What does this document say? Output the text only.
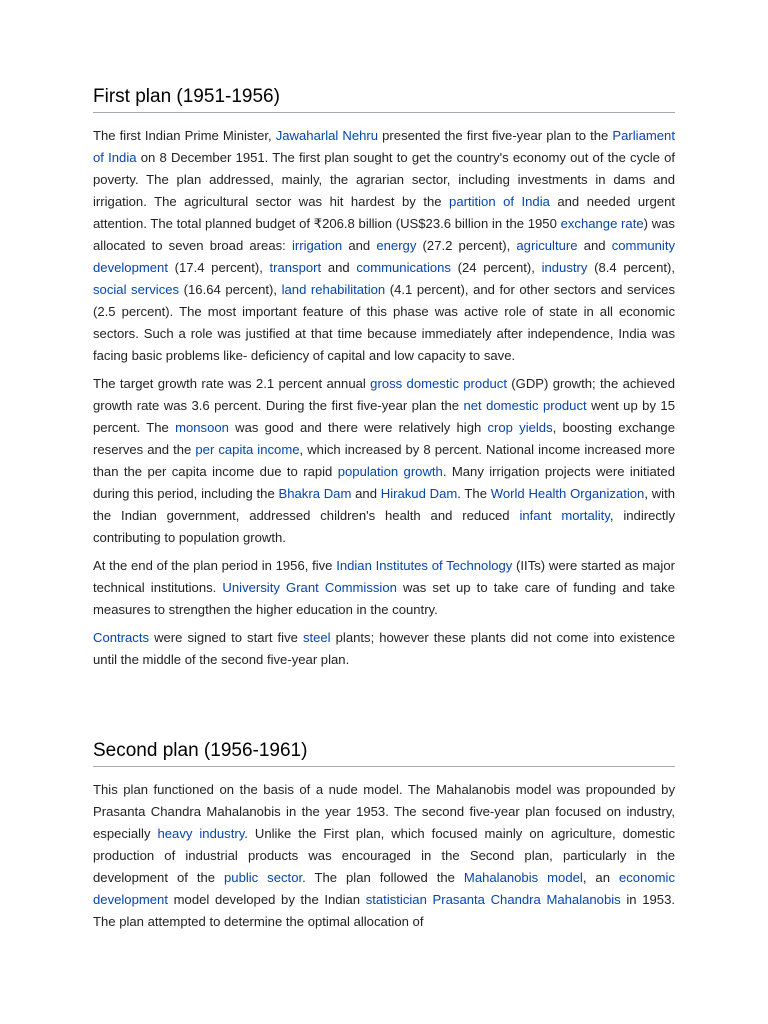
First plan (1951-1956)

The first Indian Prime Minister, Jawaharlal Nehru presented the first five-year plan to the Parliament of India on 8 December 1951. The first plan sought to get the country's economy out of the cycle of poverty. The plan addressed, mainly, the agrarian sector, including investments in dams and irrigation. The agricultural sector was hit hardest by the partition of India and needed urgent attention. The total planned budget of ₹206.8 billion (US$23.6 billion in the 1950 exchange rate) was allocated to seven broad areas: irrigation and energy (27.2 percent), agriculture and community development (17.4 percent), transport and communications (24 percent), industry (8.4 percent), social services (16.64 percent), land rehabilitation (4.1 percent), and for other sectors and services (2.5 percent). The most important feature of this phase was active role of state in all economic sectors. Such a role was justified at that time because immediately after independence, India was facing basic problems like- deficiency of capital and low capacity to save.

The target growth rate was 2.1 percent annual gross domestic product (GDP) growth; the achieved growth rate was 3.6 percent. During the first five-year plan the net domestic product went up by 15 percent. The monsoon was good and there were relatively high crop yields, boosting exchange reserves and the per capita income, which increased by 8 percent. National income increased more than the per capita income due to rapid population growth. Many irrigation projects were initiated during this period, including the Bhakra Dam and Hirakud Dam. The World Health Organization, with the Indian government, addressed children's health and reduced infant mortality, indirectly contributing to population growth.

At the end of the plan period in 1956, five Indian Institutes of Technology (IITs) were started as major technical institutions. University Grant Commission was set up to take care of funding and take measures to strengthen the higher education in the country.

Contracts were signed to start five steel plants; however these plants did not come into existence until the middle of the second five-year plan.

Second plan (1956-1961)

This plan functioned on the basis of a nude model. The Mahalanobis model was propounded by Prasanta Chandra Mahalanobis in the year 1953. The second five-year plan focused on industry, especially heavy industry. Unlike the First plan, which focused mainly on agriculture, domestic production of industrial products was encouraged in the Second plan, particularly in the development of the public sector. The plan followed the Mahalanobis model, an economic development model developed by the Indian statistician Prasanta Chandra Mahalanobis in 1953. The plan attempted to determine the optimal allocation of
